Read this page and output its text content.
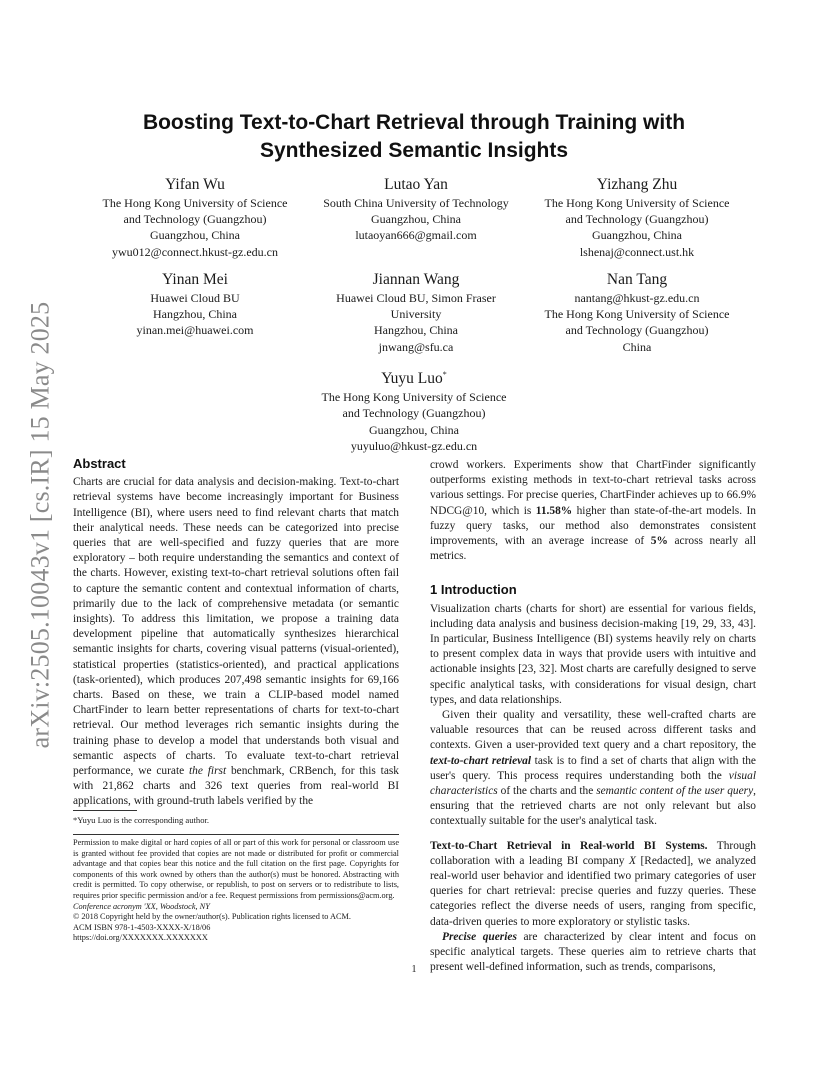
arXiv:2505.10043v1 [cs.IR] 15 May 2025
Boosting Text-to-Chart Retrieval through Training with
Synthesized Semantic Insights
Yifan Wu
The Hong Kong University of Science
and Technology (Guangzhou)
Guangzhou, China
ywu012@connect.hkust-gz.edu.cn
Lutao Yan
South China University of Technology
Guangzhou, China
lutaoyan666@gmail.com
Yizhang Zhu
The Hong Kong University of Science
and Technology (Guangzhou)
Guangzhou, China
lshenaj@connect.ust.hk
Yinan Mei
Huawei Cloud BU
Hangzhou, China
yinan.mei@huawei.com
Jiannan Wang
Huawei Cloud BU, Simon Fraser
University
Hangzhou, China
jnwang@sfu.ca
Nan Tang
nantang@hkust-gz.edu.cn
The Hong Kong University of Science
and Technology (Guangzhou)
China
Yuyu Luo*
The Hong Kong University of Science
and Technology (Guangzhou)
Guangzhou, China
yuyuluo@hkust-gz.edu.cn
Abstract

Charts are crucial for data analysis and decision-making. Text-to-chart retrieval systems have become increasingly important for Business Intelligence (BI), where users need to find relevant charts that match their analytical needs. These needs can be categorized into precise queries that are well-specified and fuzzy queries that are more exploratory – both require understanding the semantics and context of the charts. However, existing text-to-chart retrieval solutions often fail to capture the semantic content and contextual information of charts, primarily due to the lack of comprehensive metadata (or semantic insights). To address this limitation, we propose a training data development pipeline that automatically synthesizes hierarchical semantic insights for charts, covering visual patterns (visual-oriented), statistical properties (statistics-oriented), and practical applications (task-oriented), which produces 207,498 semantic insights for 69,166 charts. Based on these, we train a CLIP-based model named ChartFinder to learn better representations of charts for text-to-chart retrieval. Our method leverages rich semantic insights during the training phase to develop a model that understands both visual and semantic aspects of charts. To evaluate text-to-chart retrieval performance, we curate the first benchmark, CRBench, for this task with 21,862 charts and 326 text queries from real-world BI applications, with ground-truth labels verified by the

*Yuyu Luo is the corresponding author.
Permission to make digital or hard copies of all or part of this work for personal or classroom use is granted without fee provided that copies are not made or distributed for profit or commercial advantage and that copies bear this notice and the full citation on the first page. Copyrights for components of this work owned by others than the author(s) must be honored. Abstracting with credit is permitted. To copy otherwise, or republish, to post on servers or to redistribute to lists, requires prior specific permission and/or a fee. Request permissions from permissions@acm.org.
Conference acronym 'XX, Woodstock, NY
© 2018 Copyright held by the owner/author(s). Publication rights licensed to ACM.
ACM ISBN 978-1-4503-XXXX-X/18/06
https://doi.org/XXXXXXX.XXXXXXX

crowd workers. Experiments show that ChartFinder significantly outperforms existing methods in text-to-chart retrieval tasks across various settings. For precise queries, ChartFinder achieves up to 66.9% NDCG@10, which is 11.58% higher than state-of-the-art models. In fuzzy query tasks, our method also demonstrates consistent improvements, with an average increase of 5% across nearly all metrics.

1 Introduction

Visualization charts (charts for short) are essential for various fields, including data analysis and business decision-making [19, 29, 33, 43]. In particular, Business Intelligence (BI) systems heavily rely on charts to present complex data in ways that provide users with intuitive and actionable insights [23, 32]. Most charts are carefully designed to serve specific analytical tasks, with considerations for visual design, chart types, and data relationships.

Given their quality and versatility, these well-crafted charts are valuable resources that can be reused across different tasks and contexts. Given a user-provided text query and a chart repository, the text-to-chart retrieval task is to find a set of charts that align with the user's query. This process requires understanding both the visual characteristics of the charts and the semantic content of the user query, ensuring that the retrieved charts are not only relevant but also contextually suitable for the user's analytical task.

Text-to-Chart Retrieval in Real-world BI Systems. Through collaboration with a leading BI company X [Redacted], we analyzed real-world user behavior and identified two primary categories of user queries for chart retrieval: precise queries and fuzzy queries. These categories reflect the diverse needs of users, ranging from specific, data-driven queries to more exploratory or stylistic tasks.

Precise queries are characterized by clear intent and focus on specific analytical targets. These queries aim to retrieve charts that present well-defined information, such as trends, comparisons,

1
